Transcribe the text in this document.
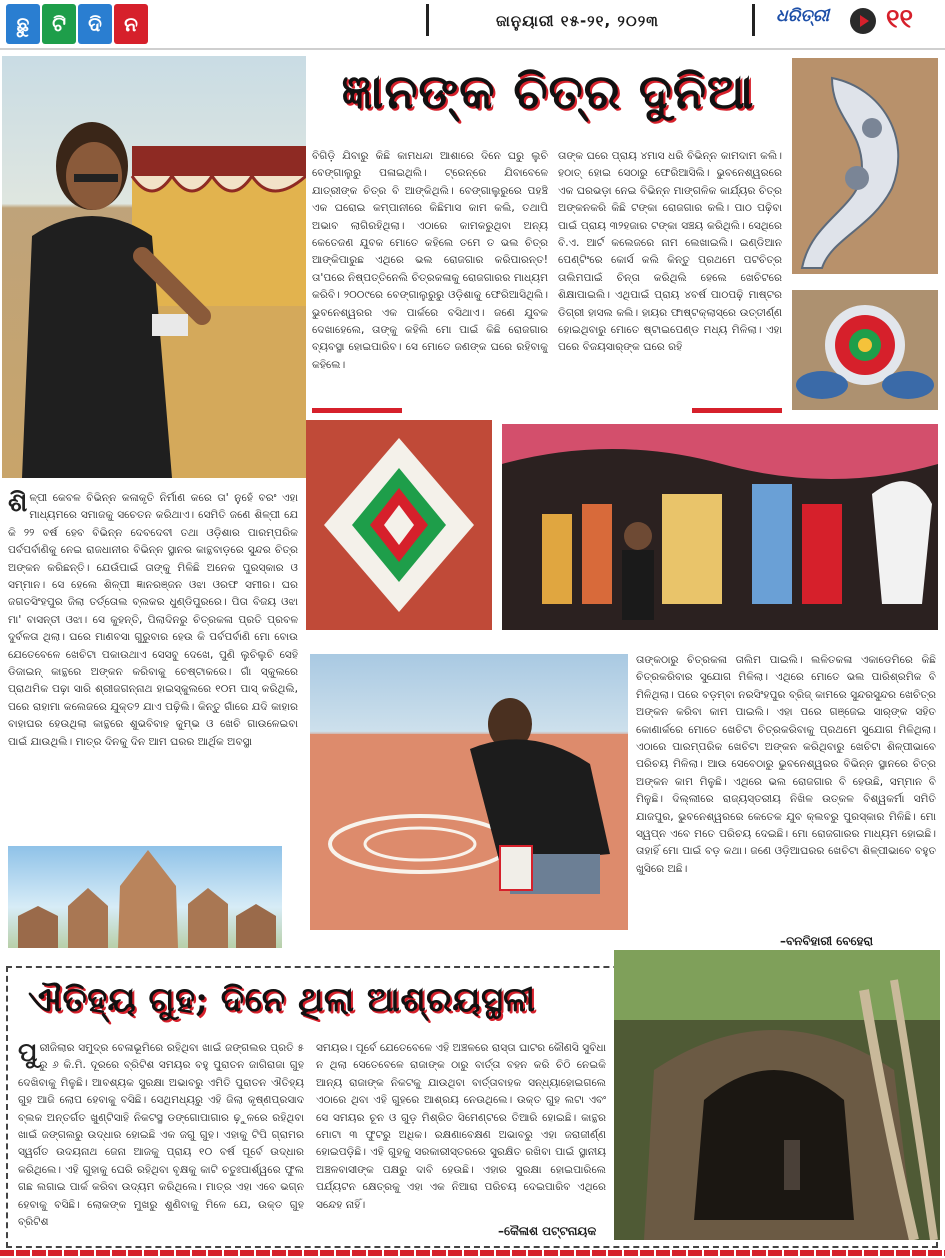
ଛୁ	ଟି	ଦି	ନ	ଜାନୁୟାରୀ ୧୫-୨୧, ୨୦୨୩	ଧରିତ୍ରୀ ୧୧
ଜ୍ଞାନଙ୍କ ଚିତ୍ର ଦୁନିଆ
ବିଗିଡ଼ି ଯିବାରୁ କିଛି କାମଧନ୍ଦା ଆଶାରେ ଦିନେ ଘରୁ ଲୁଚି ବେଙ୍ଗାଲୁରୁ ପଳାଇଥିଲି। ଟ୍ରେନ୍‌ରେ ଯିବାବେଳେ ଯାତ୍ରୀଙ୍କ ଚିତ୍ର ବି ଆଙ୍କିଥିଲି। ବେଙ୍ଗାଲୁରୁରେ ପହଞ୍ଚି ଏକ ଘରୋଇ କମ୍ପାନୀରେ କିଛିମାସ କାମ କଲି, ତଥାପି ଅଭାବ ଲାଗିରହିଥିଲା। ଏଠାରେ କାମକରୁଥିବା ଅନ୍ୟ କେତେଜଣ ଯୁବକ ମୋତେ କହିଲେ ତମେ ତ ଭଲ ଚିତ୍ର ଆଙ୍କିପାରୁଛ ଏଥିରେ ଭଲ ରୋଜଗାର କରିପାରନ୍ତ! ତା'ପରେ ନିଷ୍ପତ୍ତିନେଲି ଚିତ୍ରକଳାକୁ ରୋଜଗାରର ମାଧ୍ୟମ କରିବି। ୨୦୦୯ରେ ବେଙ୍ଗାଲୁରୁରୁ ଓଡ଼ିଶାକୁ ଫେରିଆସିଥିଲି। ଭୁବନେଶ୍ୱରର ଏକ ପାର୍କରେ ବସିଥାଏ। ଜଣେ ଯୁବକ ଦେଖାହେଲେ, ତାଙ୍କୁ କହିଲି ମୋ ପାଇଁ କିଛି ରୋଜଗାର ବ୍ୟବସ୍ଥା ହୋଇପାରିବ। ସେ ମୋତେ ଜଣଙ୍କ ଘରେ ରହିବାକୁ କହିଲେ।
ତାଙ୍କ ଘରେ ପ୍ରାୟ ୪ମାସ ଧରି ବିଭିନ୍ନ କାମଦାମ କଲି। ହଠାତ୍ ହୋଇ ସେଠାରୁ ଫେରିଆସିଲି। ଭୁବନେଶ୍ୱରରେ ଏକ ଘରଭଡ଼ା ନେଇ ବିଭିନ୍ନ ମାଙ୍ଗଳିକ କାର୍ଯ୍ୟର ଚିତ୍ର ଅଙ୍କନକରି କିଛି ଟଙ୍କା ରୋଜଗାର କଲି। ପାଠ ପଢ଼ିବା ପାଇଁ ପ୍ରାୟ ୩୨ହଜାର ଟଙ୍କା ସଞ୍ଚୟ କରିଥିଲି। ସେଥିରେ ବି.ଏ. ଆର୍ଟ କଲେଜରେ ନାମ ଲେଖାଇଲି। ଇଣ୍ଡିଆନ ପେଣ୍ଟିଂରେ କୋର୍ସ କଲି କିନ୍ତୁ ପ୍ରଥମେ ପଟଚିତ୍ର ତାଲିମପାଇଁ ଚିନ୍ତା କରିଥିଲି ହେଲେ ଖେଚିଟରେ ଶିକ୍ଷାପାଇଲି। ଏଥିପାଇଁ ପ୍ରାୟ ୪ବର୍ଷ ପାଠପଢ଼ି ମାଷ୍ଟର ଡିଗ୍ରୀ ହାସଲ କଲି। ହାୟର ଫାଷ୍ଟକ୍ଲାସ୍‌ରେ ଉତ୍ତୀର୍ଣ୍ଣ ହୋଇଥିବାରୁ ମୋତେ ଷ୍ଟାଇପେଣ୍ଡ ମଧ୍ୟ ମିଳିଲା। ଏହା ପରେ ବିଜୟସାର୍‌ଙ୍କ ଘରେ ରହି
ଶିଳ୍ପୀ କେବଳ ବିଭିନ୍ନ କଳାକୃତି ନିର୍ମାଣ କରେ ତା' ନୁହେଁ ବରଂ ଏହା ମାଧ୍ୟମରେ ସମାଜକୁ ସଚେତନ କରିଥାଏ। ସେମିତି ଜଣେ ଶିଳ୍ପୀ ଯେ କି ୨୨ ବର୍ଷ ହେବ ବିଭିନ୍ନ ଦେବଦେବୀ ତଥା ଓଡ଼ିଶାର ପାରମ୍ପରିକ ପର୍ବପର୍ବାଣିକୁ ନେଇ ରାଜଧାନୀର ବିଭିନ୍ନ ସ୍ଥାନର କାନ୍ଥବାଡ଼ରେ ସୁନ୍ଦର ଚିତ୍ର ଅଙ୍କନ କରିଛନ୍ତି। ଯେଉଁପାଇଁ ତାଙ୍କୁ ମିଳିଛି ଅନେକ ପୁରସ୍କାର ଓ ସମ୍ମାନ। ସେ ହେଲେ ଶିଳ୍ପୀ ଜ୍ଞାନରଞ୍ଜନ ଓଝା ଓରଫ ସମୀର। ଘର ଜଗତସିଂହପୁର ଜିଲା ତର୍ତ୍ତୋଲ ବ୍ଲକର ଧୁଣ୍ଡିପୁରରେ। ପିତା ବିଜୟ ଓଝା ମା' ବାସନ୍ତୀ ଓଝା। ସେ କୁହନ୍ତି, ପିଲାଦିନରୁ ଚିତ୍ରକଳା ପ୍ରତି ପ୍ରବଳ ଦୁର୍ବଳତା ଥିଲା। ଘରେ ମାଣବସା ଗୁରୁବାର ହେଉ କି ପର୍ବପର୍ବାଣି ମୋ ବୋଉ ଯେତେବେଳେ ଖେଚିଟା ପକାଉଥାଏ ସେସବୁ ଦେଖେ, ପୁଣି ଲୁଚିଲୁଚି ସେହି ଡିଜାଇନ୍ କାନ୍ଥରେ ଅଙ୍କନ କରିବାକୁ ଚେଷ୍ଟାକରେ। ଗାଁ ସ୍କୁଲରେ ପ୍ରାଥମିକ ପଢ଼ା ସାରି ଶ୍ରୀଜଗନ୍ନାଥ ହାଇସ୍କୁଲରେ ୧୦ମ ପାସ୍ କରିଥିଲି, ପରେ ରାହାମା କଲେଜରେ ଯୁକ୍ତ୨ ଯାଏ ପଢ଼ିଲି। କିନ୍ତୁ ଗାଁରେ ଯଦି କାହାର ବାହାଘର ହେଉଥିଲା କାନ୍ଥରେ ଶୁଭବିବାହ କୁମ୍ଭ ଓ ଖେଚି ଗାଉଳେଇବା ପାଇଁ ଯାଉଥିଲି। ମାତ୍ର ଦିନକୁ ଦିନ ଆମ ଘରର ଆର୍ଥିକ ଅବସ୍ଥା
ତାଙ୍କଠାରୁ ଚିତ୍ରକଳା ତାଲିମ ପାଇଲି। ଲଳିତକଳା ଏକାଡେମିରେ କିଛି ଚିତ୍ରକରିବାର ସୁଯୋଗ ମିଳିଲା। ଏଥିରେ ମୋତେ ଭଲ ପାରିଶ୍ରମିକ ବି ମିଳିଥିଲା। ପରେ ବଡ଼ମ୍ବା ନରସିଂହପୁର ବ୍ରିଜ୍ କାମରେ ସୁନ୍ଦରସୁନ୍ଦର ଖେଚିତ୍ର ଅଙ୍କନ କରିବା କାମ ପାଇଲି। ଏହା ପରେ ଗଞ୍ଜେଇ ସାର୍‌ଙ୍କ ସହିତ କୋଣାର୍କରେ ମୋତେ ଖେଚିଟା ଚିତ୍ରକରିବାକୁ ପ୍ରଥମେ ସୁଯୋଗ ମିଳିଥିଲା। ଏଠାରେ ପାରମ୍ପରିକ ଖେଚିଟା ଅଙ୍କନ କରିଥିବାରୁ ଖେଚିଟା ଶିଳ୍ପୀଭାବେ ପରିଚୟ ମିଳିଲା। ଆଉ ସେବେଠାରୁ ଭୁବନେଶ୍ୱରର ବିଭିନ୍ନ ସ୍ଥାନରେ ଚିତ୍ର ଅଙ୍କନ କାମ ମିଳୁଛି। ଏଥିରେ ଭଲ ରୋଜଗାର ବି ହେଉଛି, ସମ୍ମାନ ବି ମିଳୁଛି। ଦିଲ୍ଲୀରେ ରାଜ୍ୟସ୍ତରୀୟ ନିଖିଳ ଉତ୍କଳ ବିଶ୍ୱକର୍ମା ସମିତି ଯାଜପୁର, ଭୁବନେଶ୍ୱରରେ କେତେକ ଯୁବ କ୍ଲବରୁ ପୁରସ୍କାର ମିଳିଛି। ମୋ ସ୍ୱପ୍ନ ଏବେ ମତେ ପରିଚୟ ଦେଇଛି। ମୋ ରୋଜଗାରର ମାଧ୍ୟମ ହୋଇଛି। ତାହାହିଁ ମୋ ପାଇଁ ବଡ଼ କଥା। ଜଣେ ଓଡ଼ିଆଘରର ଖେଚିଟା ଶିଳ୍ପୀଭାବେ ବହୁତ ଖୁସିରେ ଅଛି।
–ବନବିହାରୀ ବେହେରା
ଐତିହ୍ୟ ଗୁହ; ଦିନେ ଥିଲା ଆଶ୍ରୟସ୍ଥଳୀ
ପୁରୀଜିଲାର ସମୁଦ୍ର ବେଳାଭୂମିରେ ରହିଥିବା ଖାଇଁ ଜଙ୍ଗଲର ପ୍ରତି ୫ ରୁ ୬ କି.ମି. ଦୂରରେ ବ୍ରିଟିଶ ସମୟର ବହୁ ପୁରାତନ ଜାଗିରାଜା ଗୁହ ଦେଖିବାକୁ ମିଳୁଛି। ଆବଶ୍ୟକ ସୁରକ୍ଷା ଅଭାବରୁ ଏମିତି ପୁରାତନ ଐତିହ୍ୟ ଗୁହ ଆଜି ଲୋପ ହେବାକୁ ବସିଛି। ସେଥିମଧ୍ୟରୁ ଏହି ଜିଲା କୃଷ୍ଣପ୍ରସାଦ ବ୍ଲକ ଅନ୍ତର୍ଗତ ଖୁଣ୍ଟିସାହି ନିକଟସ୍ଥ ଡଙ୍ଗୋପାଗାର ଢ଼ୁଳରେ ରହିଥିବା ଖାଇଁ ଜଙ୍ଗଲରୁ ଉଦ୍ଧାର ହୋଇଛି ଏକ ଜଗୁ ଗୁହ। ଏହାକୁ ଟିପି ଗ୍ରାମର ସ୍ୱର୍ଗତ ଉଦୟନାଥ ଜେନା ଆଜକୁ ପ୍ରାୟ ୧୦ ବର୍ଷ ପୂର୍ବେ ଉଦ୍ଧାର କରିଥିଲେ। ଏହି ଗୁହାକୁ ଘେରି ରହିଥିବା ବୃକ୍ଷକୁ କାଟି ଚତୁଃପାର୍ଶ୍ୱରେ ଫୁଲ ଗଛ ଲଗାଇ ପାର୍କ କରିବା ଉଦ୍ୟମ କରିଥିଲେ। ମାତ୍ର ଏହା ଏବେ ଭଗ୍ନ ହେବାକୁ ବସିଛି। ଲୋକଙ୍କ ମୁଖରୁ ଶୁଣିବାକୁ ମିଳେ ଯେ, ଉକ୍ତ ଗୁହ ବ୍ରିଟିଶ
ସମୟର। ପୂର୍ବେ ଯେତେବେଳେ ଏହି ଅଞ୍ଚଳରେ ରାସ୍ତା ଘାଟର କୌଣସି ସୁବିଧା ନ ଥିଲା ସେତେବେଳେ ରାଜାଙ୍କ ଠାରୁ ବାର୍ତ୍ତା ବହନ କରି ଚିଠି ନେଇକି ଆନ୍ୟ ରାଜାଙ୍କ ନିକଟକୁ ଯାଉଥିବା ବାର୍ତ୍ତାବାହକ ସନ୍ଧ୍ୟାହୋଇଗଲେ ଏଠାରେ ଥିବା ଏହି ଗୁହରେ ଆଶ୍ରୟ ନେଉଥିଲେ। ଉକ୍ତ ଗୁହ ଲଟା ଏବଂ ସେ ସମୟର ଚୂନ ଓ ଗୁଡ଼ ମିଶ୍ରିତ ସିମେଣ୍ଟରେ ତିଆରି ହୋଇଛି। କାନ୍ଥର ମୋଟା ୩ ଫୁଟରୁ ଅଧିକ। ରକ୍ଷଣାବେକ୍ଷଣ ଅଭାବରୁ ଏହା ଜରାଜୀର୍ଣ୍ଣ ହୋଇପଡ଼ିଛି। ଏହି ଗୁହକୁ ସରକାରୀସ୍ତରରେ ସୁରକ୍ଷିତ ରଖିବା ପାଇଁ ସ୍ଥାନୀୟ ଅଞ୍ଚଳବାସୀଙ୍କ ପକ୍ଷରୁ ଦାବି ହେଉଛି। ଏହାର ସୁରକ୍ଷା ହୋଇପାରିଲେ ପର୍ଯ୍ୟଟନ କ୍ଷେତ୍ରକୁ ଏହା ଏକ ନିଆରା ପରିଚୟ ଦେଇପାରିବ ଏଥିରେ ସନ୍ଦେହ ନାହିଁ।
–କୈଳାଶ ପଟ୍ଟନାୟକ
